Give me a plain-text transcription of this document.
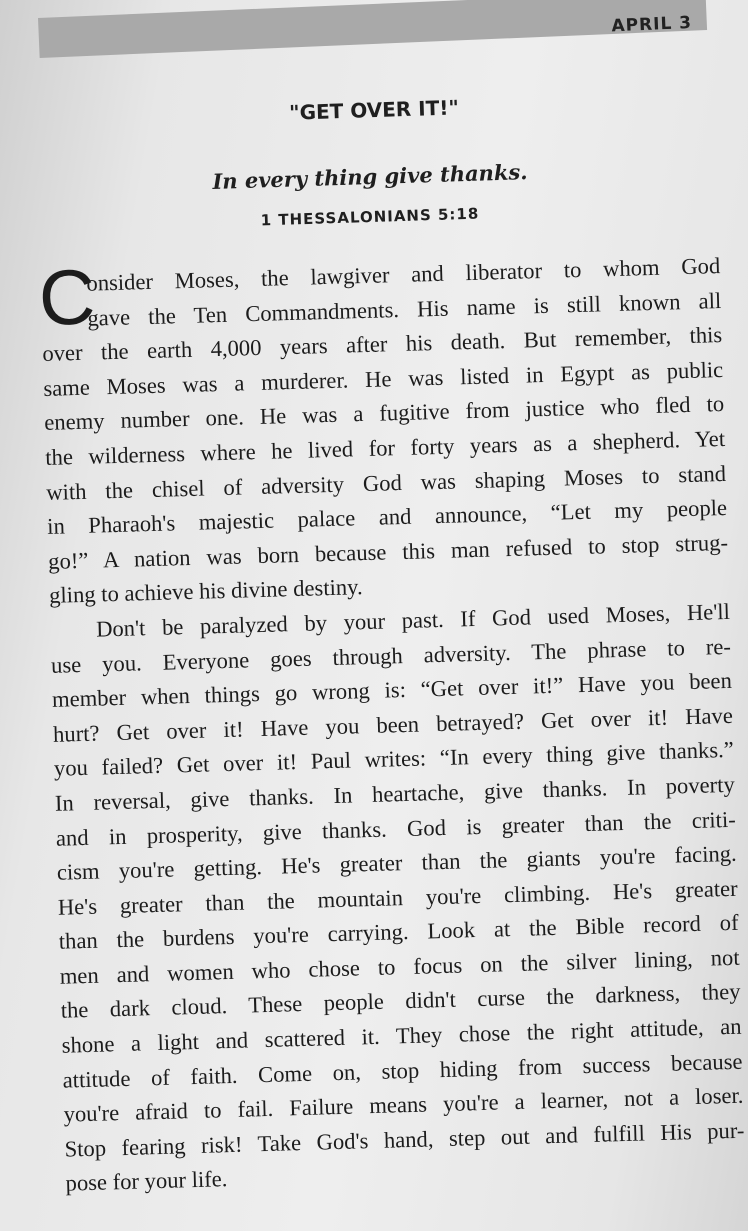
APRIL 3
"GET OVER IT!"
In every thing give thanks.
1 THESSALONIANS 5:18
C
onsider Moses, the lawgiver and liberator to whom God
gave the Ten Commandments. His name is still known all
over the earth 4,000 years after his death. But remember, this
same Moses was a murderer. He was listed in Egypt as public
enemy number one. He was a fugitive from justice who fled to
the wilderness where he lived for forty years as a shepherd. Yet
with the chisel of adversity God was shaping Moses to stand
in Pharaoh's majestic palace and announce, “Let my people
go!” A nation was born because this man refused to stop strug-
gling to achieve his divine destiny.
Don't be paralyzed by your past. If God used Moses, He'll
use you. Everyone goes through adversity. The phrase to re-
member when things go wrong is: “Get over it!” Have you been
hurt? Get over it! Have you been betrayed? Get over it! Have
you failed? Get over it! Paul writes: “In every thing give thanks.”
In reversal, give thanks. In heartache, give thanks. In poverty
and in prosperity, give thanks. God is greater than the criti-
cism you're getting. He's greater than the giants you're facing.
He's greater than the mountain you're climbing. He's greater
than the burdens you're carrying. Look at the Bible record of
men and women who chose to focus on the silver lining, not
the dark cloud. These people didn't curse the darkness, they
shone a light and scattered it. They chose the right attitude, an
attitude of faith. Come on, stop hiding from success because
you're afraid to fail. Failure means you're a learner, not a loser.
Stop fearing risk! Take God's hand, step out and fulfill His pur-
pose for your life.
